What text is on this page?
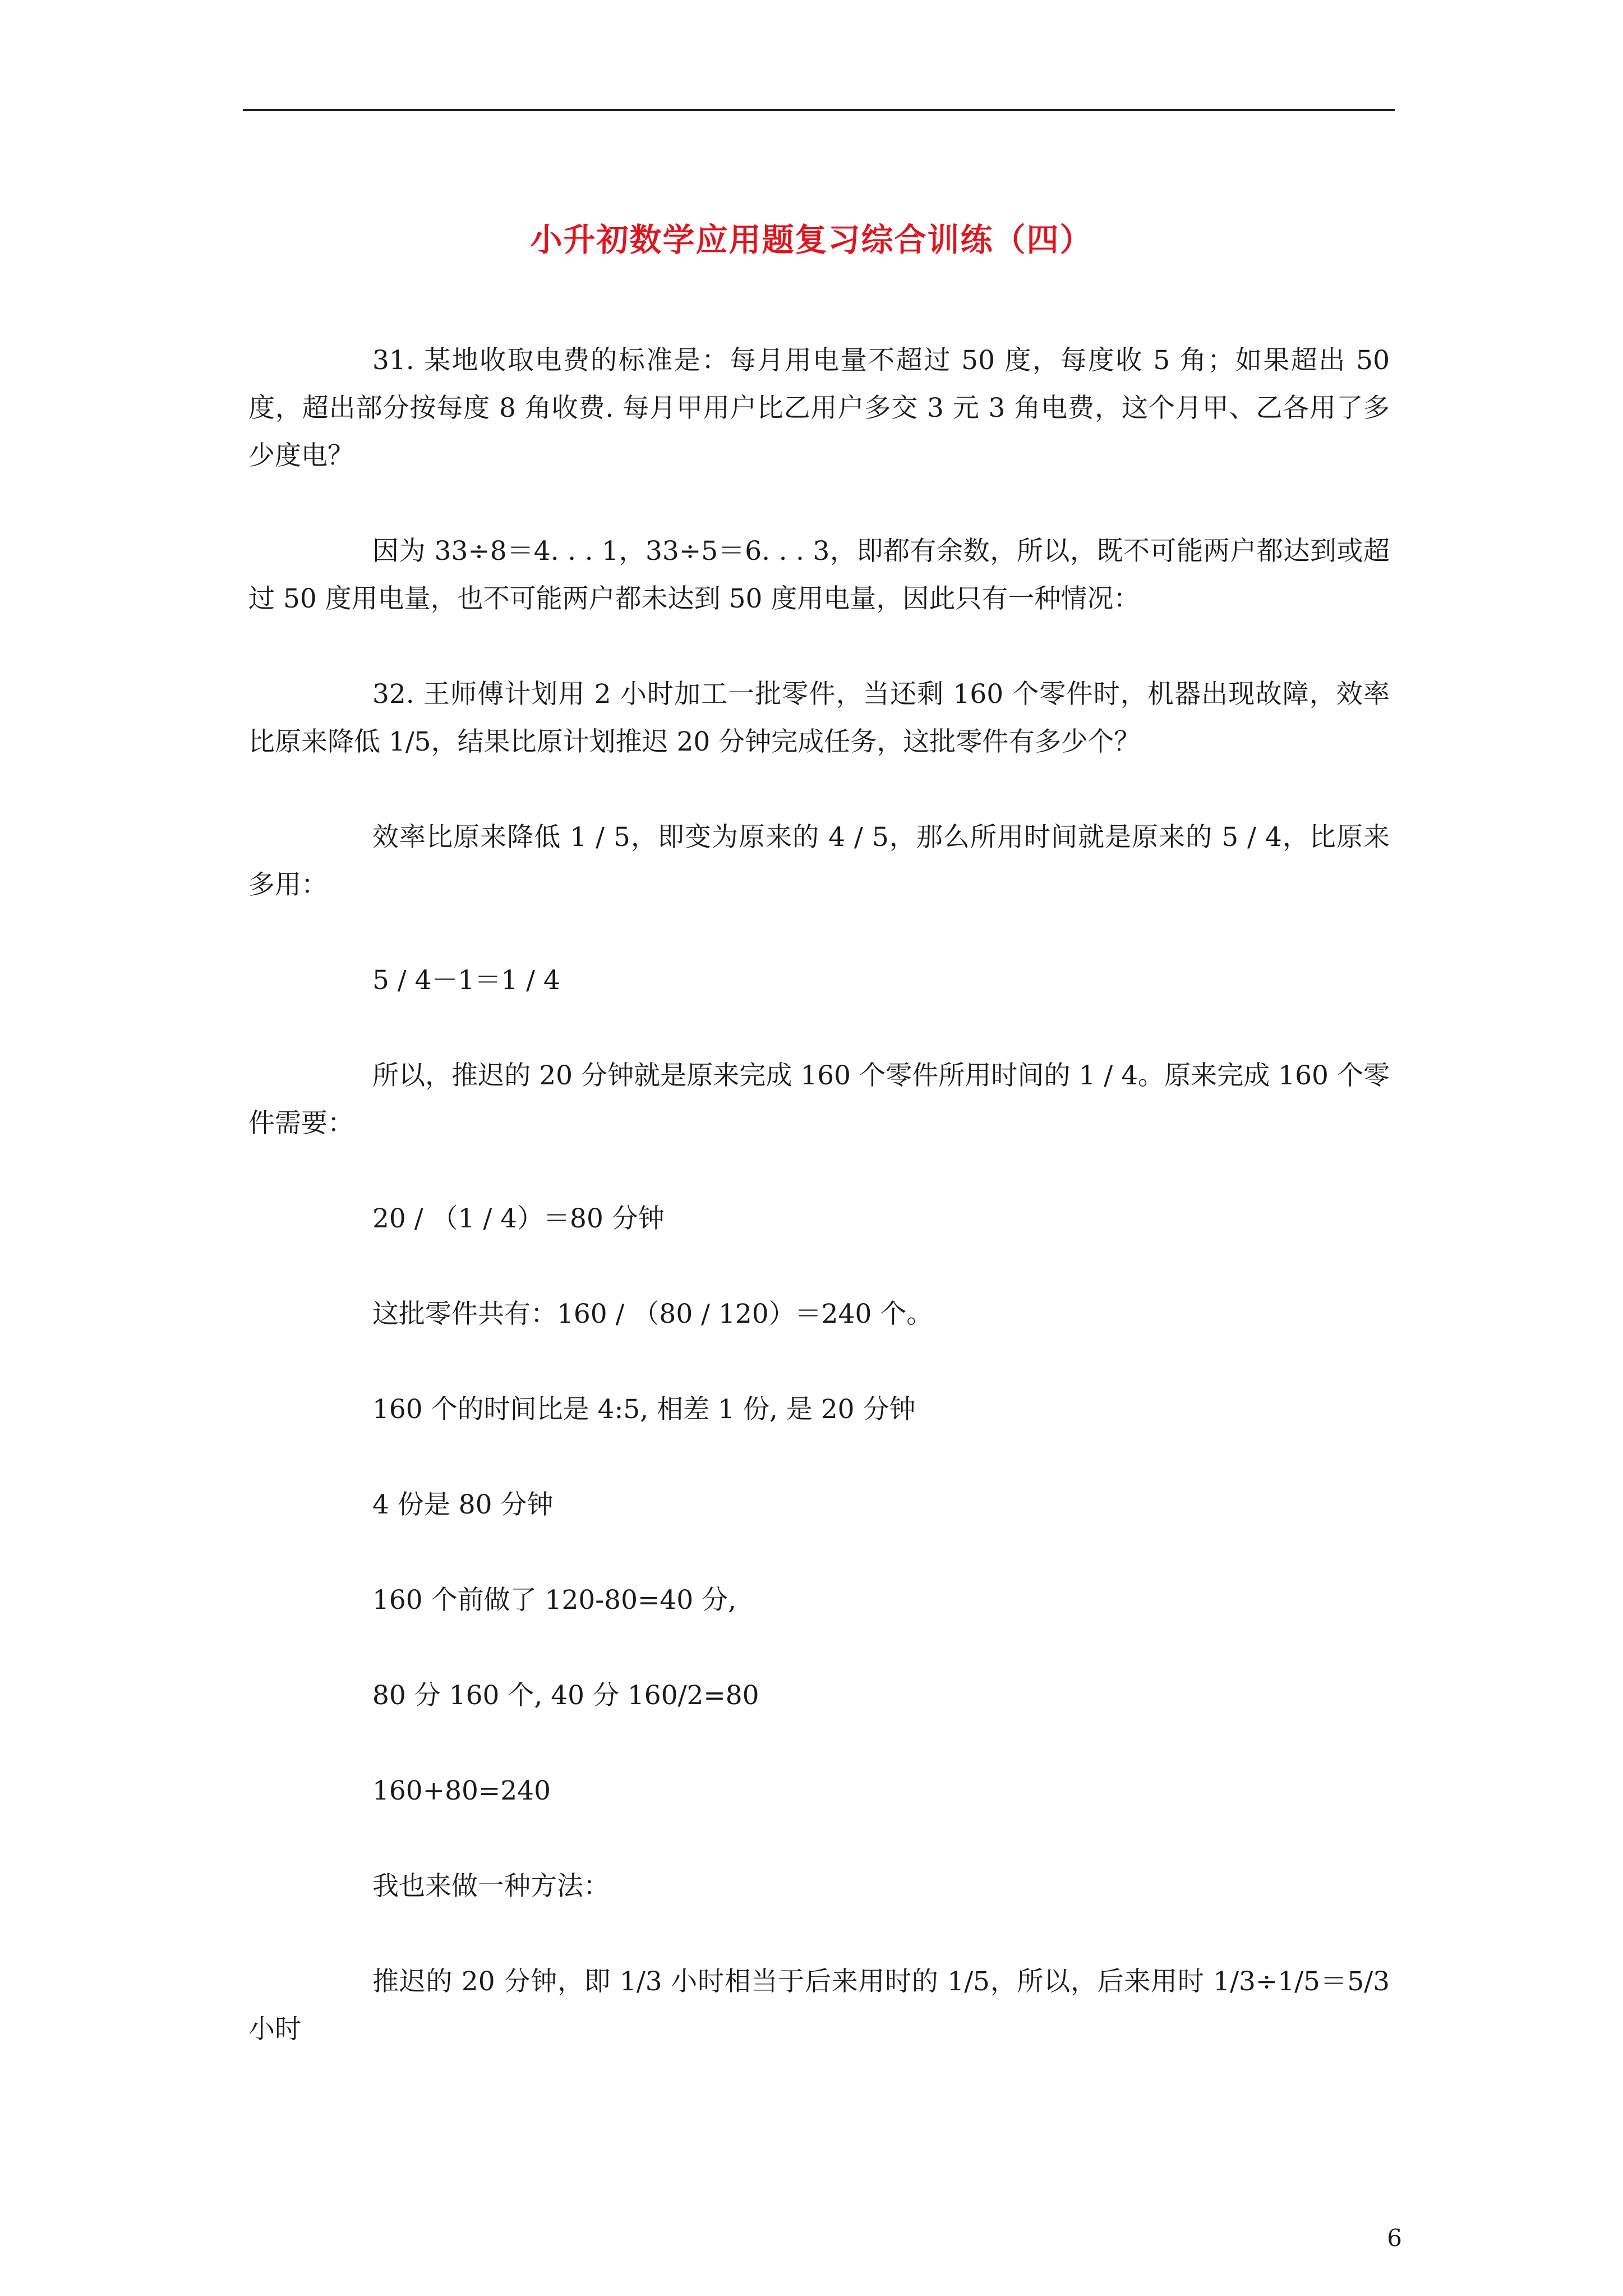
小升初数学应用题复习综合训练（四）

31. 某地收取电费的标准是：每月用电量不超过 50 度，每度收 5 角；如果超出 50 度，超出部分按每度 8 角收费. 每月甲用户比乙用户多交 3 元 3 角电费，这个月甲、乙各用了多少度电？

因为 33÷8＝4. . . 1，33÷5＝6. . . 3，即都有余数，所以，既不可能两户都达到或超过 50 度用电量，也不可能两户都未达到 50 度用电量，因此只有一种情况：

32. 王师傅计划用 2 小时加工一批零件，当还剩 160 个零件时，机器出现故障，效率比原来降低 1/5，结果比原计划推迟 20 分钟完成任务，这批零件有多少个？

效率比原来降低 1 / 5，即变为原来的 4 / 5，那么所用时间就是原来的 5 / 4，比原来多用：

5 / 4－1＝1 / 4

所以，推迟的 20 分钟就是原来完成 160 个零件所用时间的 1 / 4。原来完成 160 个零件需要：

20 / （1 / 4）＝80 分钟

这批零件共有：160 / （80 / 120）＝240 个。

160 个的时间比是 4:5, 相差 1 份, 是 20 分钟

4 份是 80 分钟

160 个前做了 120-80=40 分,

80 分 160 个, 40 分 160/2=80

160+80=240

我也来做一种方法：

推迟的 20 分钟，即 1/3 小时相当于后来用时的 1/5，所以，后来用时 1/3÷1/5＝5/3 小时

6
